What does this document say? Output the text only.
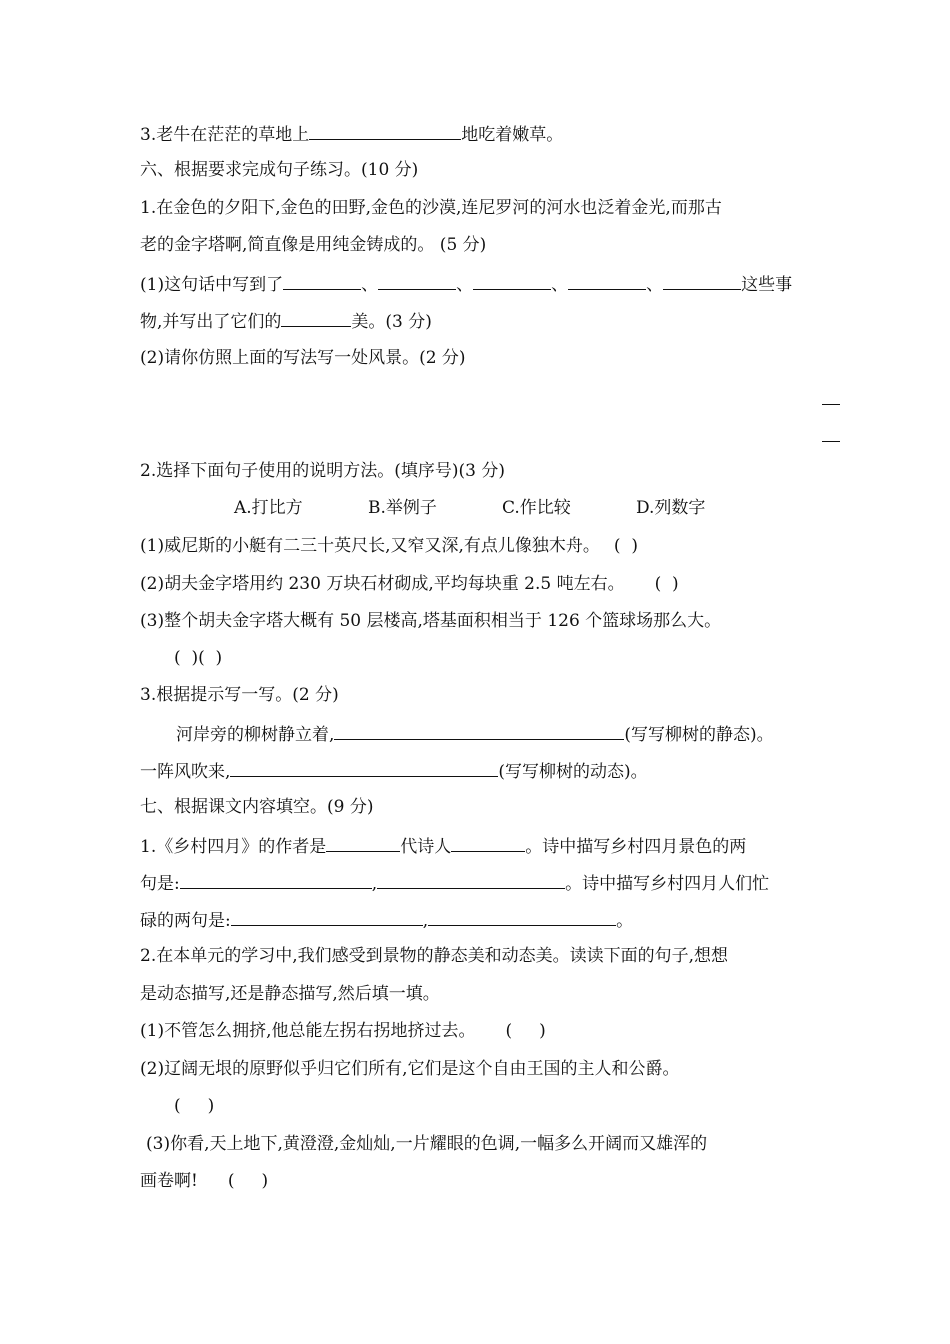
3.老牛在茫茫的草地上	地吃着嫩草。
六、根据要求完成句子练习。(10 分)
1.在金色的夕阳下,金色的田野,金色的沙漠,连尼罗河的河水也泛着金光,而那古
老的金字塔啊,简直像是用纯金铸成的。 (5 分)
(1)这句话中写到了	、	、	、	、	这些事
物,并写出了它们的	美。(3 分)
(2)请你仿照上面的写法写一处风景。(2 分)
2.选择下面句子使用的说明方法。(填序号)(3 分)
A.打比方	B.举例子	C.作比较	D.列数字
(1)威尼斯的小艇有二三十英尺长,又窄又深,有点儿像独木舟。 (  )
(2)胡夫金字塔用约 230 万块石材砌成,平均每块重 2.5 吨左右。 (  )
(3)整个胡夫金字塔大概有 50 层楼高,塔基面积相当于 126 个篮球场那么大。
(  )(  )
3.根据提示写一写。(2 分)
河岸旁的柳树静立着,	(写写柳树的静态)。
一阵风吹来,	(写写柳树的动态)。
七、根据课文内容填空。(9 分)
1.《乡村四月》的作者是	代诗人	。诗中描写乡村四月景色的两
句是:	,	。诗中描写乡村四月人们忙
碌的两句是:	,	。
2.在本单元的学习中,我们感受到景物的静态美和动态美。读读下面的句子,想想
是动态描写,还是静态描写,然后填一填。
(1)不管怎么拥挤,他总能左拐右拐地挤过去。 (     )
(2)辽阔无垠的原野似乎归它们所有,它们是这个自由王国的主人和公爵。
(     )
(3)你看,天上地下,黄澄澄,金灿灿,一片耀眼的色调,一幅多么开阔而又雄浑的
画卷啊! (     )
